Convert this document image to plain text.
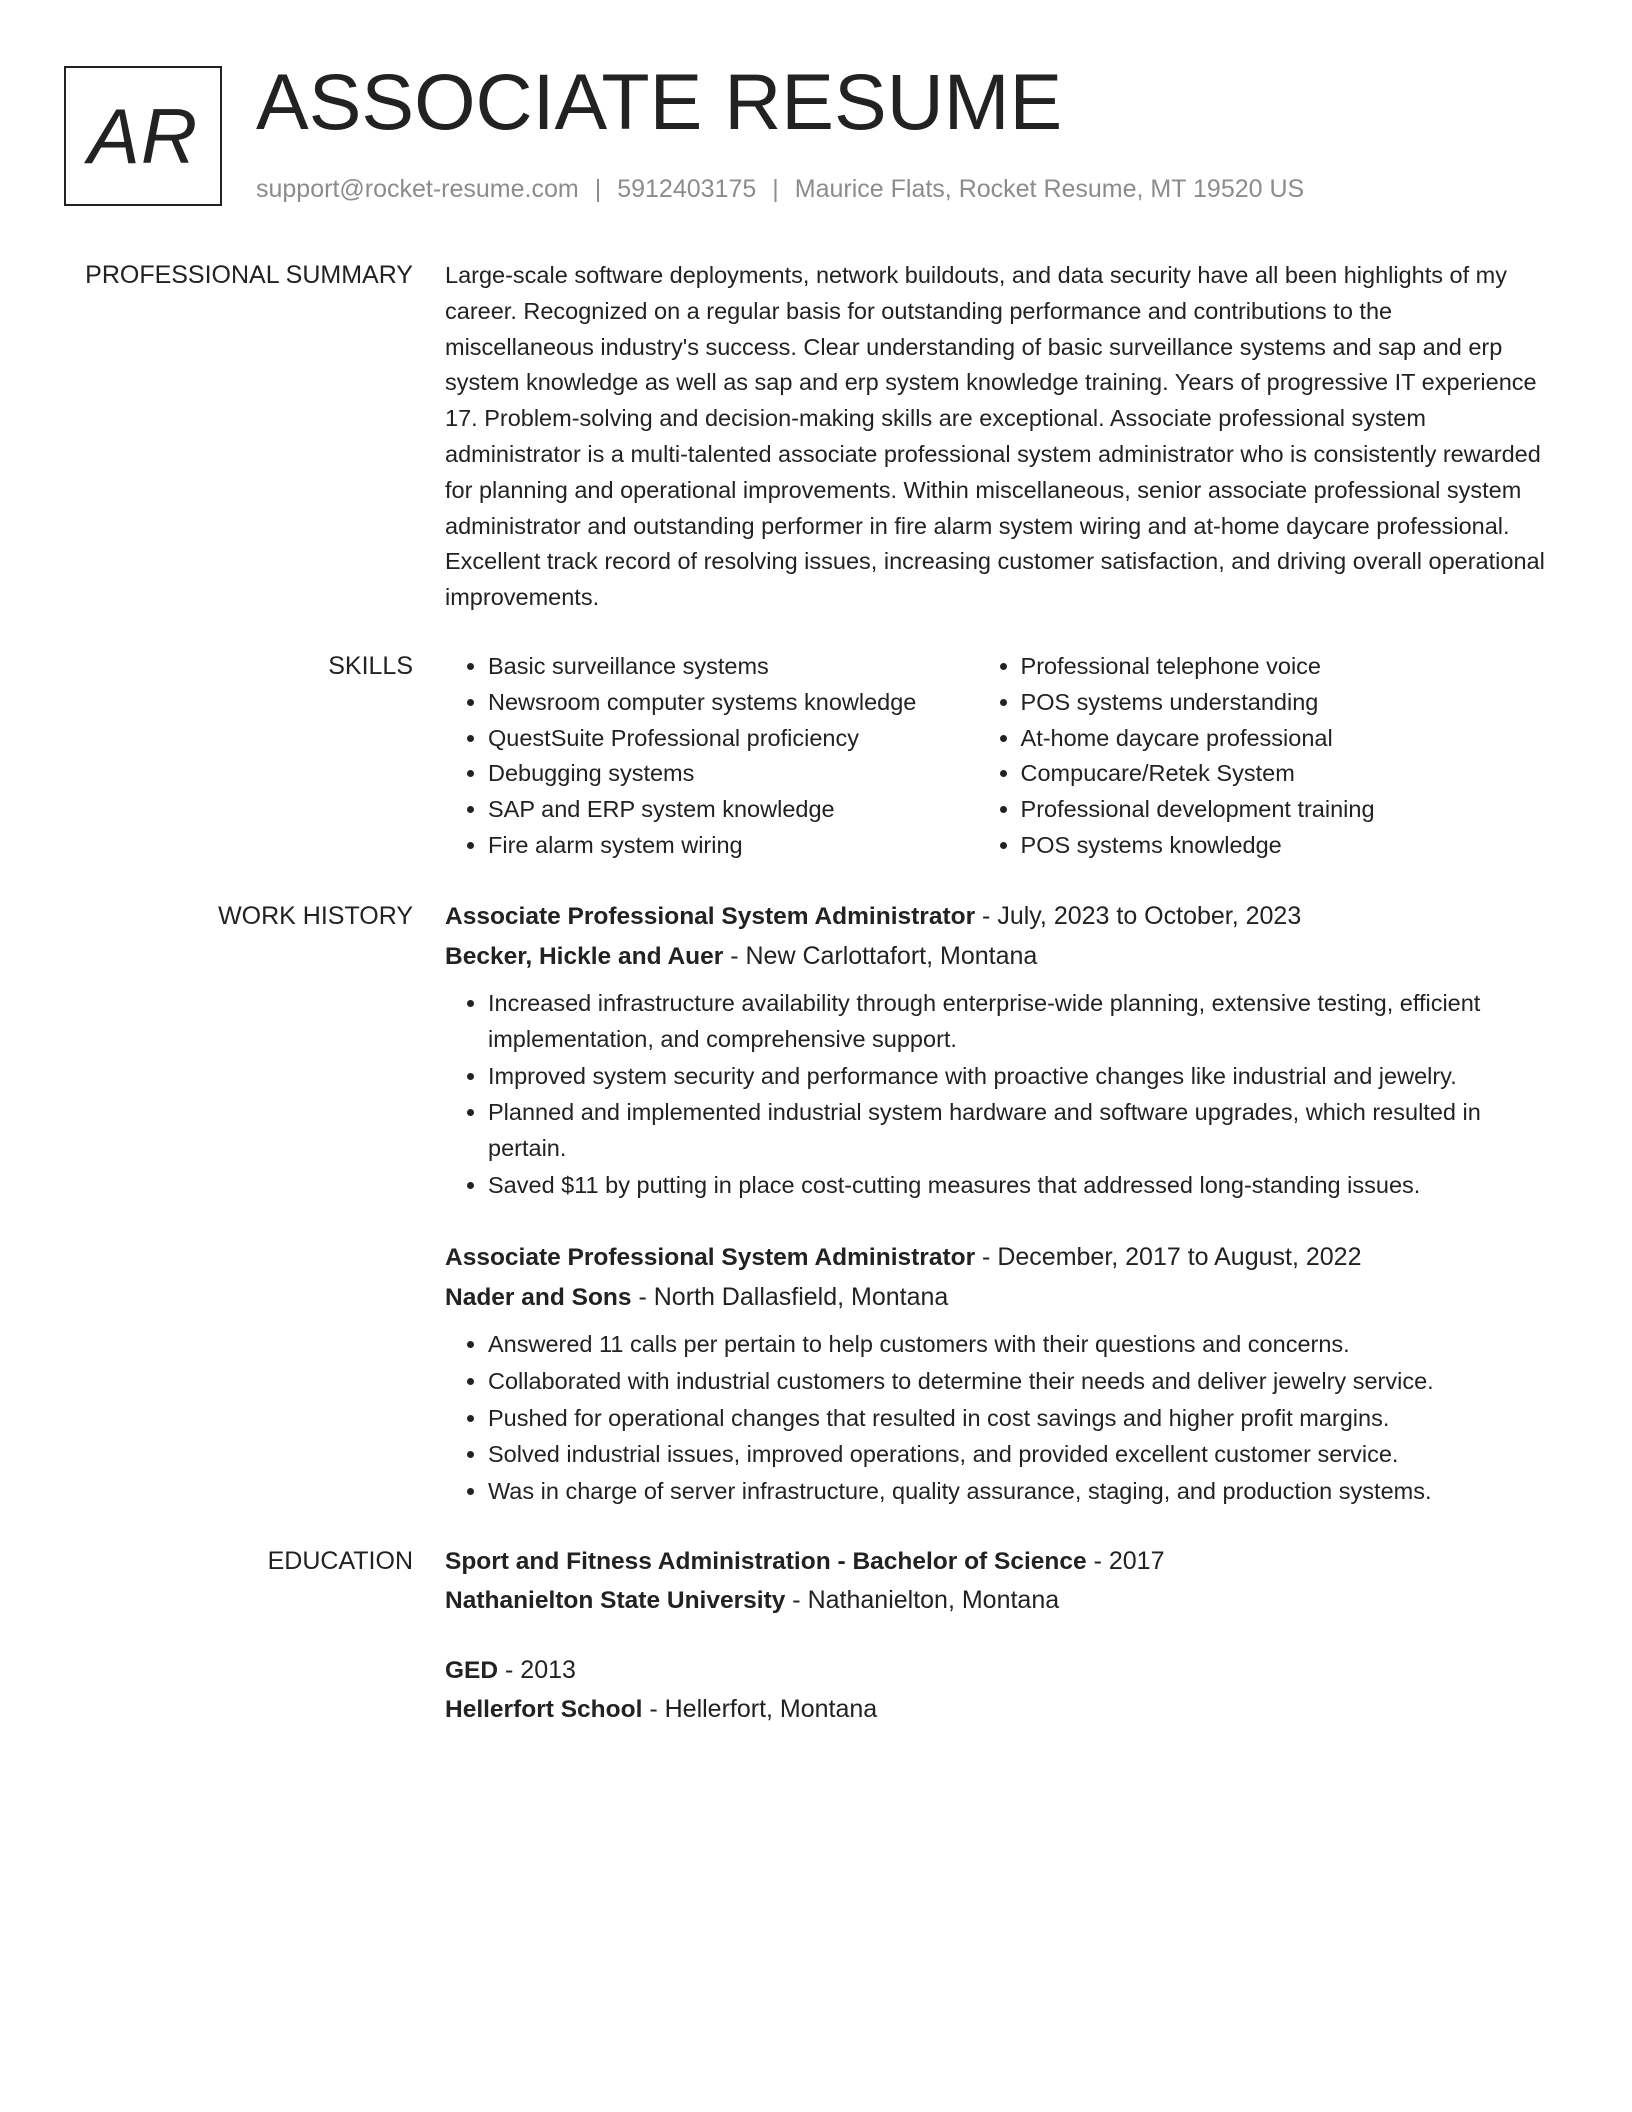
AR ASSOCIATE RESUME
support@rocket-resume.com | 5912403175 | Maurice Flats, Rocket Resume, MT 19520 US
PROFESSIONAL SUMMARY Large-scale software deployments, network buildouts, and data security have all been highlights of my career. Recognized on a regular basis for outstanding performance and contributions to the miscellaneous industry's success. Clear understanding of basic surveillance systems and sap and erp system knowledge as well as sap and erp system knowledge training. Years of progressive IT experience 17. Problem-solving and decision-making skills are exceptional. Associate professional system administrator is a multi-talented associate professional system administrator who is consistently rewarded for planning and operational improvements. Within miscellaneous, senior associate professional system administrator and outstanding performer in fire alarm system wiring and at-home daycare professional. Excellent track record of resolving issues, increasing customer satisfaction, and driving overall operational improvements.

SKILLS
•	Basic surveillance systems
• Newsroom computer systems knowledge
• QuestSuite Professional proficiency
• Debugging systems
• SAP and ERP system knowledge
• Fire alarm system wiring
• Professional telephone voice
• POS systems understanding
• At-home daycare professional
• Compucare/Retek System
• Professional development training
• POS systems knowledge
WORK HISTORY Associate Professional System Administrator - July, 2023 to October, 2023
Becker, Hickle and Auer - New Carlottafort, Montana
• Increased infrastructure availability through enterprise-wide planning, extensive testing, efficient implementation, and comprehensive support.
• Improved system security and performance with proactive changes like industrial and jewelry.
• Planned and implemented industrial system hardware and software upgrades, which resulted in pertain.
• Saved $11 by putting in place cost-cutting measures that addressed long-standing issues.
Associate Professional System Administrator - December, 2017 to August, 2022
Nader and Sons - North Dallasfield, Montana
• Answered 11 calls per pertain to help customers with their questions and concerns.
• Collaborated with industrial customers to determine their needs and deliver jewelry service.
• Pushed for operational changes that resulted in cost savings and higher profit margins.
• Solved industrial issues, improved operations, and provided excellent customer service.
• Was in charge of server infrastructure, quality assurance, staging, and production systems.
EDUCATION Sport and Fitness Administration - Bachelor of Science - 2017
Nathanielton State University - Nathanielton, Montana
GED - 2013
Hellerfort School - Hellerfort, Montana
